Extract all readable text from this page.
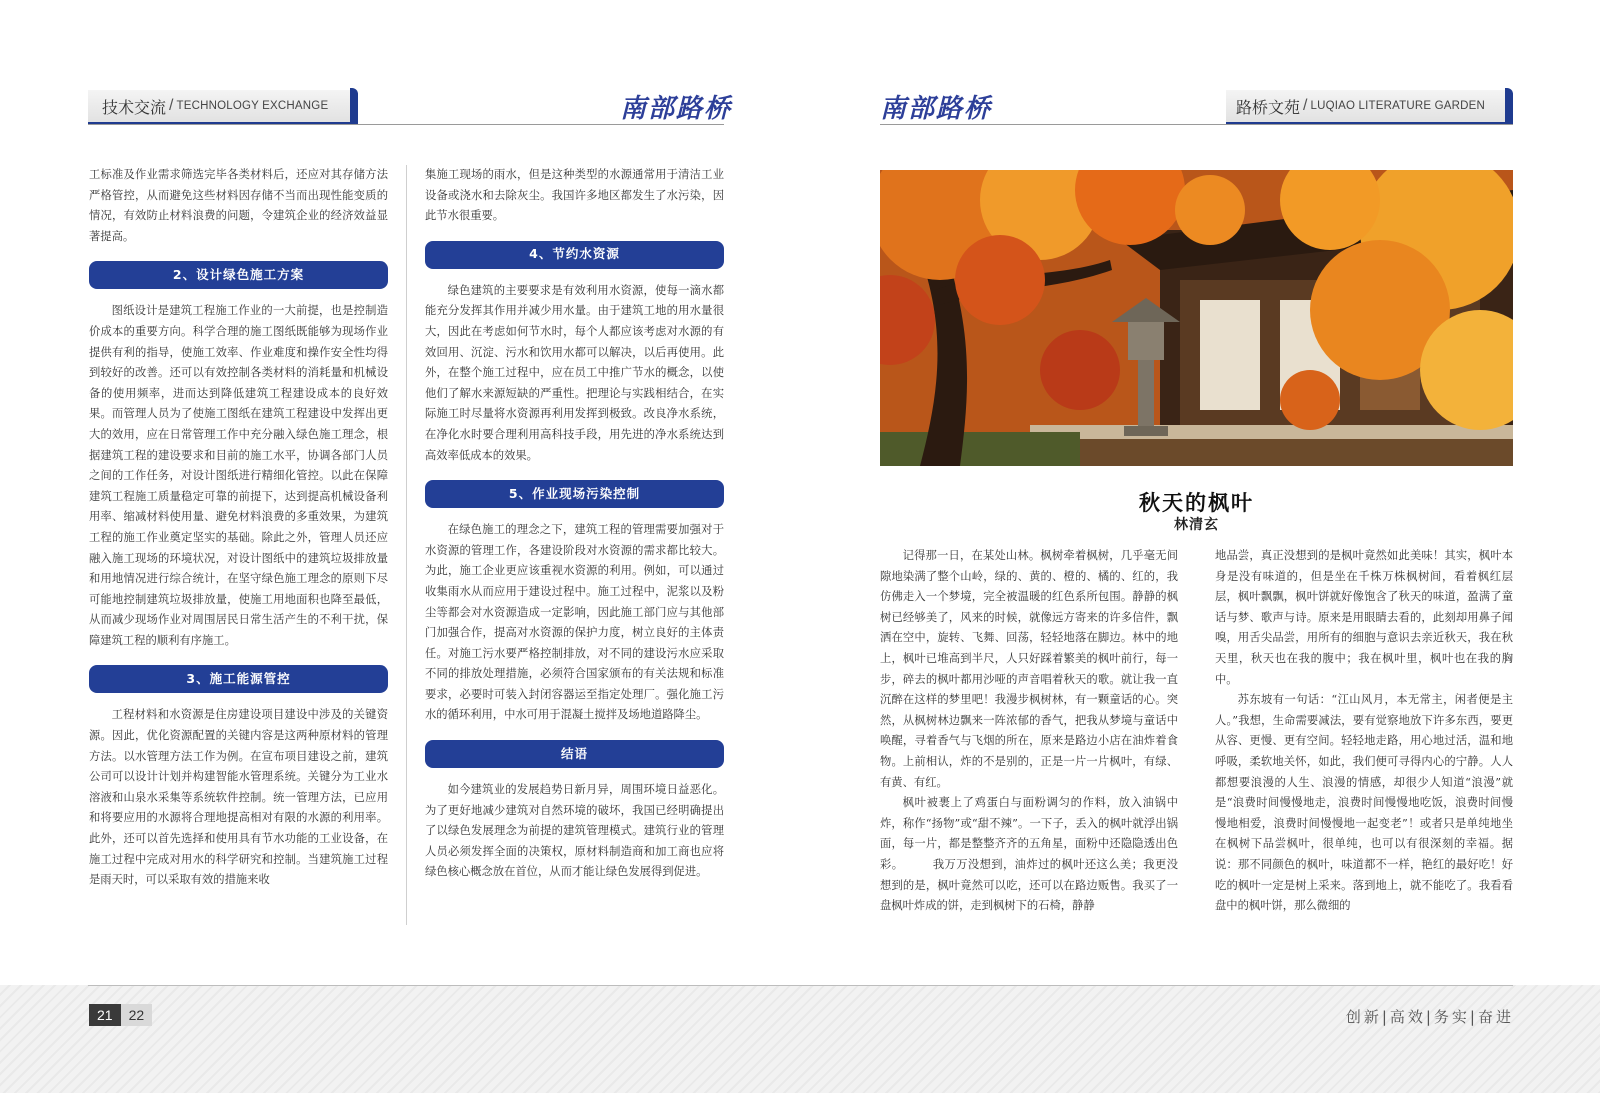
技术交流 / TECHNOLOGY EXCHANGE	南部路桥

工标准及作业需求筛选完毕各类材料后，还应对其存储方法严格管控，从而避免这些材料因存储不当而出现性能变质的情况，有效防止材料浪费的问题，令建筑企业的经济效益显著提高。

2、设计绿色施工方案

图纸设计是建筑工程施工作业的一大前提，也是控制造价成本的重要方向。科学合理的施工图纸既能够为现场作业提供有利的指导，使施工效率、作业难度和操作安全性均得到较好的改善。还可以有效控制各类材料的消耗量和机械设备的使用频率，进而达到降低建筑工程建设成本的良好效果。而管理人员为了使施工图纸在建筑工程建设中发挥出更大的效用，应在日常管理工作中充分融入绿色施工理念，根据建筑工程的建设要求和目前的施工水平，协调各部门人员之间的工作任务，对设计图纸进行精细化管控。以此在保障建筑工程施工质量稳定可靠的前提下，达到提高机械设备利用率、缩减材料使用量、避免材料浪费的多重效果，为建筑工程的施工作业奠定坚实的基础。除此之外，管理人员还应融入施工现场的环境状况，对设计图纸中的建筑垃圾排放量和用地情况进行综合统计，在坚守绿色施工理念的原则下尽可能地控制建筑垃圾排放量，使施工用地面积也降至最低，从而减少现场作业对周围居民日常生活产生的不利干扰，保障建筑工程的顺利有序施工。

3、施工能源管控

工程材料和水资源是住房建设项目建设中涉及的关键资源。因此，优化资源配置的关键内容是这两种原材料的管理方法。以水管理方法工作为例。在宣布项目建设之前，建筑公司可以设计计划并构建智能水管理系统。关键分为工业水溶液和山泉水采集等系统软件控制。统一管理方法，已应用和将要应用的水源将合理地提高相对有限的水源的利用率。此外，还可以首先选择和使用具有节水功能的工业设备，在施工过程中完成对用水的科学研究和控制。当建筑施工过程是雨天时，可以采取有效的措施来收

集施工现场的雨水，但是这种类型的水源通常用于清洁工业设备或浇水和去除灰尘。我国许多地区都发生了水污染，因此节水很重要。

4、节约水资源

绿色建筑的主要要求是有效利用水资源，使每一滴水都能充分发挥其作用并减少用水量。由于建筑工地的用水量很大，因此在考虑如何节水时，每个人都应该考虑对水源的有效回用、沉淀、污水和饮用水都可以解决，以后再使用。此外，在整个施工过程中，应在员工中推广节水的概念，以使他们了解水来源短缺的严重性。把理论与实践相结合，在实际施工时尽量将水资源再利用发挥到极致。改良净水系统，在净化水时要合理利用高科技手段，用先进的净水系统达到高效率低成本的效果。

5、作业现场污染控制

在绿色施工的理念之下，建筑工程的管理需要加强对于水资源的管理工作，各建设阶段对水资源的需求都比较大。为此，施工企业更应该重视水资源的利用。例如，可以通过收集雨水从而应用于建设过程中。施工过程中，泥浆以及粉尘等都会对水资源造成一定影响，因此施工部门应与其他部门加强合作，提高对水资源的保护力度，树立良好的主体责任。对施工污水要严格控制排放，对不同的建设污水应采取不同的排放处理措施，必须符合国家颁布的有关法规和标准要求，必要时可装入封闭容器运至指定处理厂。强化施工污水的循环利用，中水可用于混凝土搅拌及场地道路降尘。

结语

如今建筑业的发展趋势日新月异，周围环境日益恶化。为了更好地减少建筑对自然环境的破坏，我国已经明确提出了以绿色发展理念为前提的建筑管理模式。建筑行业的管理人员必须发挥全面的决策权，原材料制造商和加工商也应将绿色核心概念放在首位，从而才能让绿色发展得到促进。

南部路桥	路桥文苑 / LUQIAO LITERATURE GARDEN
秋天的枫叶
林清玄

记得那一日，在某处山林。枫树牵着枫树，几乎毫无间隙地染满了整个山岭，绿的、黄的、橙的、橘的、红的，我仿佛走入一个梦境，完全被温暖的红色系所包围。静静的枫树已经够美了，风来的时候，就像远方寄来的许多信件，飘洒在空中，旋转、飞舞、回荡，轻轻地落在脚边。林中的地上，枫叶已堆高到半尺，人只好踩着繁美的枫叶前行，每一步，碎去的枫叶都用沙哑的声音唱着秋天的歌。就让我一直沉醉在这样的梦里吧！我漫步枫树林，有一颗童话的心。突然，从枫树林边飘来一阵浓郁的香气，把我从梦境与童话中唤醒，寻着香气与飞烟的所在，原来是路边小店在油炸着食物。上前相认，炸的不是别的，正是一片一片枫叶，有绿、有黄、有红。

枫叶被裹上了鸡蛋白与面粉调匀的作料，放入油锅中炸，称作“扬物”或“甜不辣”。一下子，丢入的枫叶就浮出锅面，每一片，都是整整齐齐的五角星，面粉中还隐隐透出色彩。　　　我万万没想到，油炸过的枫叶还这么美；我更没想到的是，枫叶竟然可以吃，还可以在路边贩售。我买了一盘枫叶炸成的饼，走到枫树下的石椅，静静

地品尝，真正没想到的是枫叶竟然如此美味！其实，枫叶本身是没有味道的，但是坐在千株万株枫树间，看着枫红层层，枫叶飘飘，枫叶饼就好像饱含了秋天的味道，盈满了童话与梦、歌声与诗。原来是用眼睛去看的，此刻却用鼻子闻嗅，用舌尖品尝，用所有的细胞与意识去亲近秋天，我在秋天里，秋天也在我的腹中；我在枫叶里，枫叶也在我的胸中。

苏东坡有一句话：“江山风月，本无常主，闲者便是主人。”我想，生命需要减法，要有觉察地放下许多东西，要更从容、更慢、更有空间。轻轻地走路，用心地过活，温和地呼吸，柔软地关怀，如此，我们便可寻得内心的宁静。人人都想要浪漫的人生、浪漫的情感，却很少人知道“浪漫”就是“浪费时间慢慢地走，浪费时间慢慢地吃饭，浪费时间慢慢地相爱，浪费时间慢慢地一起变老”！或者只是单纯地坐在枫树下品尝枫叶，很单纯，也可以有很深刻的幸福。据说：那不同颜色的枫叶，味道都不一样，艳红的最好吃！好吃的枫叶一定是树上采来。落到地上，就不能吃了。我看看盘中的枫叶饼，那么微细的

21	22	创新|高效|务实|奋进
